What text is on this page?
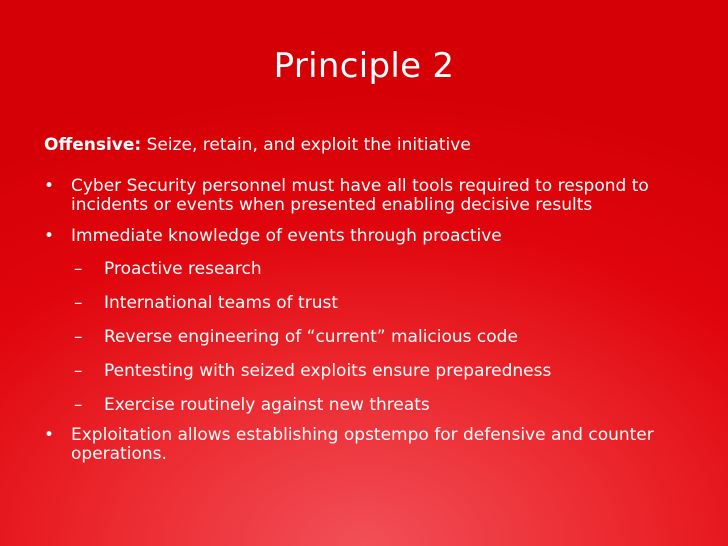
Principle 2

Offensive: Seize, retain, and exploit the initiative

• Cyber Security personnel must have all tools required to respond to incidents or events when presented enabling decisive results
• Immediate knowledge of events through proactive
– Proactive research
– International teams of trust
– Reverse engineering of “current” malicious code
– Pentesting with seized exploits ensure preparedness
– Exercise routinely against new threats
• Exploitation allows establishing opstempo for defensive and counter operations.
